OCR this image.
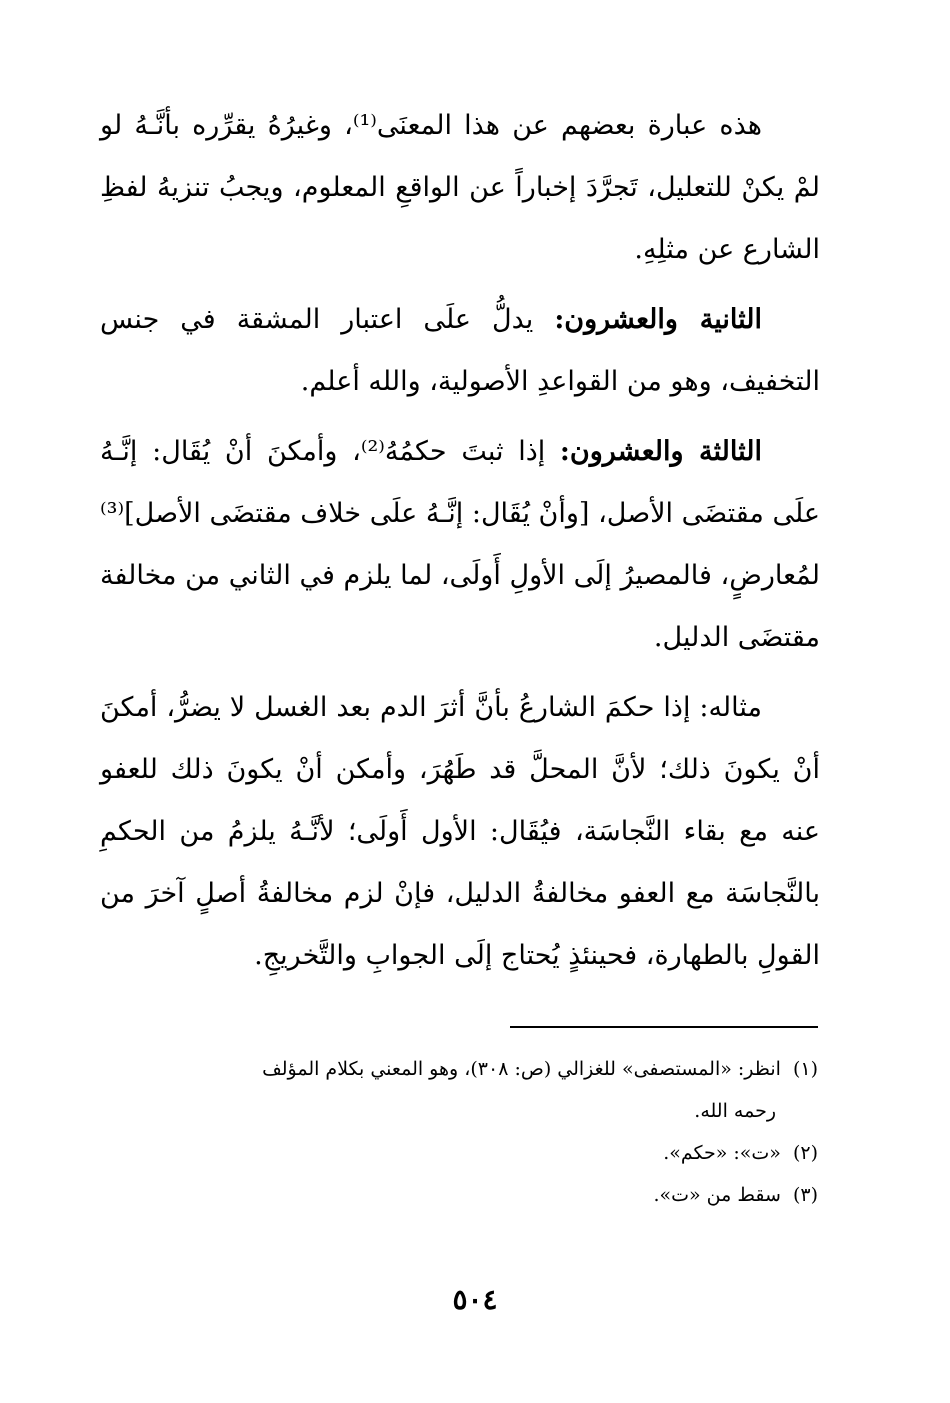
هذه عبارة بعضهم عن هذا المعنَى⁽¹⁾، وغيرُهُ يقرِّره بأنَّـهُ لو لمْ يكنْ للتعليل، تَجرَّدَ إخباراً عن الواقعِ المعلوم، ويجبُ تنزيهُ لفظِ الشارع عن مثلِهِ.

الثانية والعشرون: يدلُّ علَى اعتبار المشقة في جنس التخفيف، وهو من القواعدِ الأصولية، والله أعلم.

الثالثة والعشرون: إذا ثبتَ حكمُهُ⁽²⁾، وأمكنَ أنْ يُقَال: إنَّـهُ علَى مقتضَى الأصل، [وأنْ يُقَال: إنَّـهُ علَى خلاف مقتضَى الأصل]⁽³⁾ لمُعارضٍ، فالمصيرُ إلَى الأولِ أَولَى، لما يلزم في الثاني من مخالفة مقتضَى الدليل.

مثاله: إذا حكمَ الشارعُ بأنَّ أثرَ الدم بعد الغسل لا يضرُّ، أمكنَ أنْ يكونَ ذلك؛ لأنَّ المحلَّ قد طَهُرَ، وأمكن أنْ يكونَ ذلك للعفو عنه مع بقاء النَّجاسَة، فيُقَال: الأول أَولَى؛ لأنَّـهُ يلزمُ من الحكمِ بالنَّجاسَة مع العفو مخالفةُ الدليل، فإنْ لزم مخالفةُ أصلٍ آخرَ من القولِ بالطهارة، فحينئذٍ يُحتاج إلَى الجوابِ والتَّخريجِ.

(١)انظر: «المستصفى» للغزالي (ص: ٣٠٨)، وهو المعني بكلام المؤلف

رحمه الله.

(٢)«ت»: «حكم».

(٣)سقط من «ت».

٥٠٤
